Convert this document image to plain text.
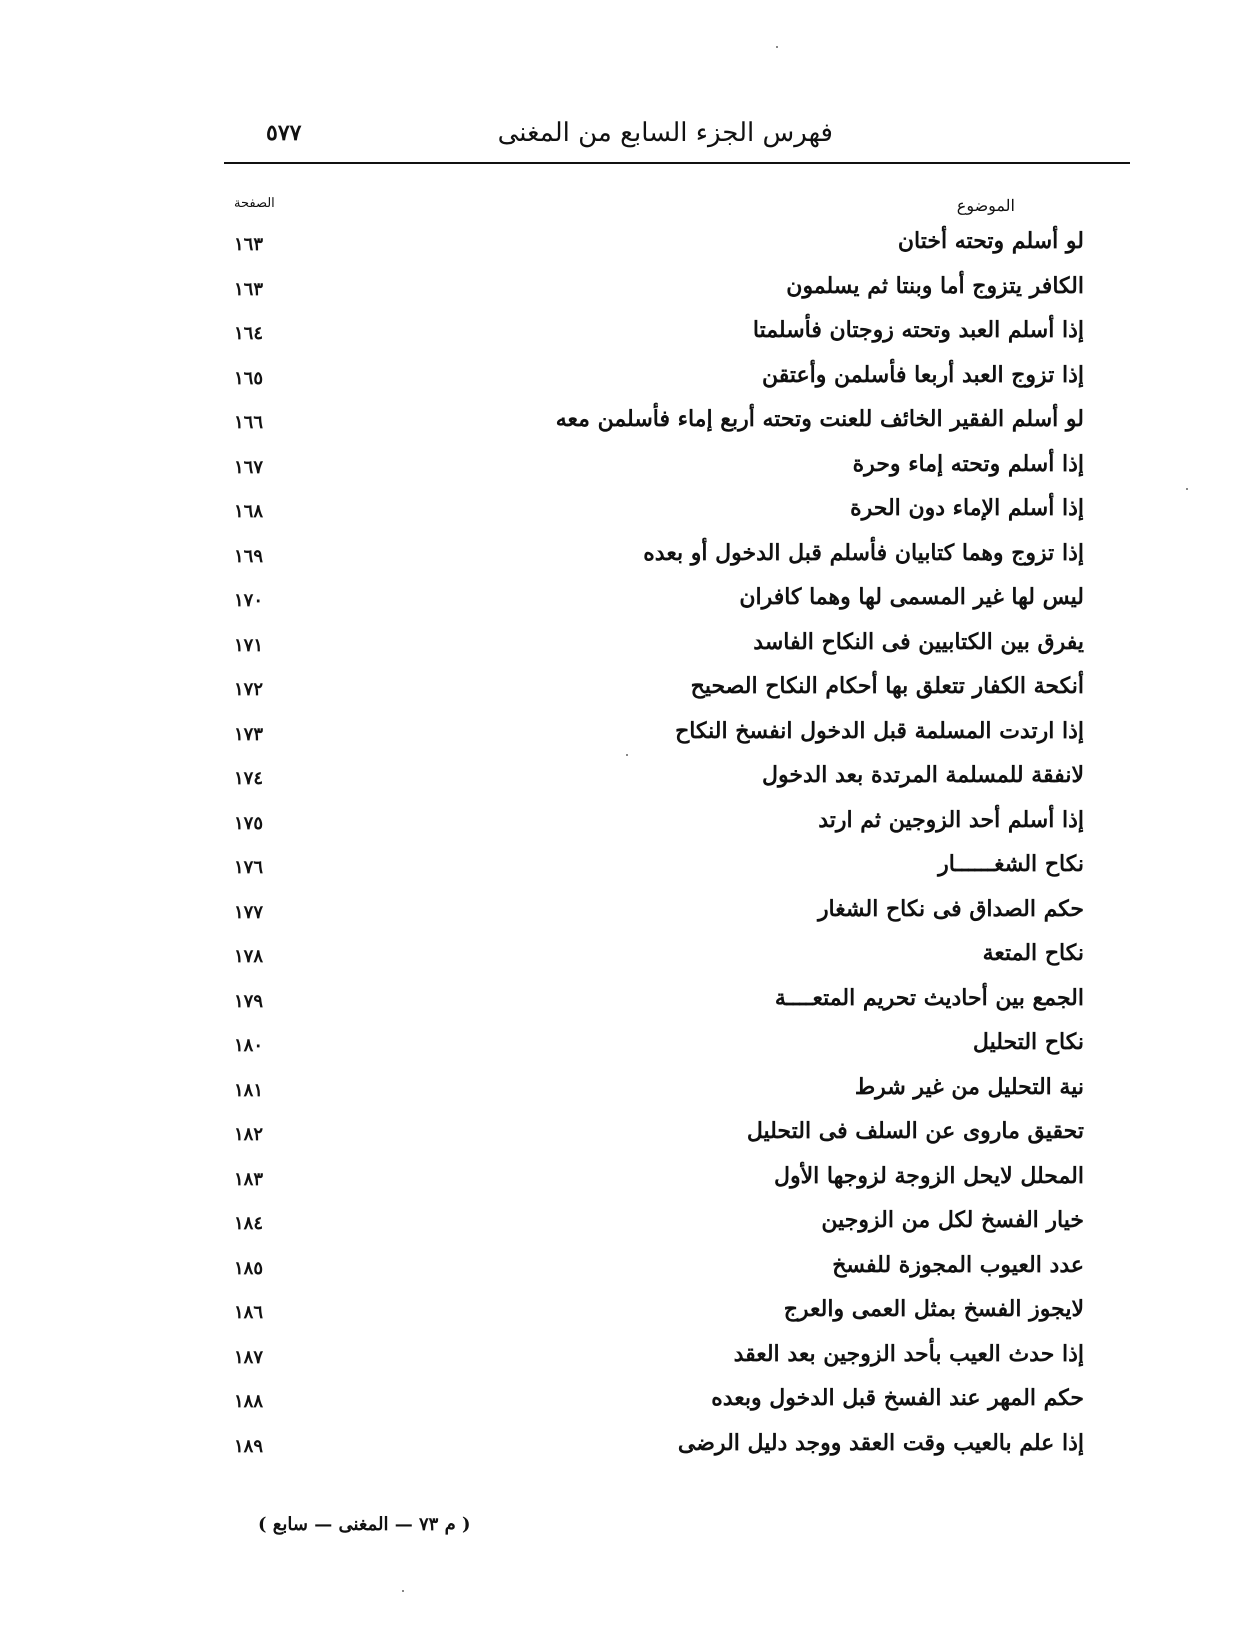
فهرس الجزء السابع من المغنى
٥٧٧
الموضوع
الصفحة
لو أسلم وتحته أختان
١٦٣
الكافر يتزوج أما وبنتا ثم يسلمون
١٦٣
إذا أسلم العبد وتحته زوجتان فأسلمتا
١٦٤
إذا تزوج العبد أربعا فأسلمن وأعتقن
١٦٥
لو أسلم الفقير الخائف للعنت وتحته أربع إماء فأسلمن معه
١٦٦
إذا أسلم وتحته إماء وحرة
١٦٧
إذا أسلم الإماء دون الحرة
١٦٨
إذا تزوج وهما كتابيان فأسلم قبل الدخول أو بعده
١٦٩
ليس لها غير المسمى لها وهما كافران
١٧٠
يفرق بين الكتابيين فى النكاح الفاسد
١٧١
أنكحة الكفار تتعلق بها أحكام النكاح الصحيح
١٧٢
إذا ارتدت المسلمة قبل الدخول انفسخ النكاح
١٧٣
لانفقة للمسلمة المرتدة بعد الدخول
١٧٤
إذا أسلم أحد الزوجين ثم ارتد
١٧٥
نكاح الشغــــــار
١٧٦
حكم الصداق فى نكاح الشغار
١٧٧
نكاح المتعة
١٧٨
الجمع بين أحاديث تحريم المتعــــة
١٧٩
نكاح التحليل
١٨٠
نية التحليل من غير شرط
١٨١
تحقيق ماروى عن السلف فى التحليل
١٨٢
المحلل لايحل الزوجة لزوجها الأول
١٨٣
خيار الفسخ لكل من الزوجين
١٨٤
عدد العيوب المجوزة للفسخ
١٨٥
لايجوز الفسخ بمثل العمى والعرج
١٨٦
إذا حدث العيب بأحد الزوجين بعد العقد
١٨٧
حكم المهر عند الفسخ قبل الدخول وبعده
١٨٨
إذا علم بالعيب وقت العقد ووجد دليل الرضى
١٨٩
( م ٧٣ — المغنى — سابع )
